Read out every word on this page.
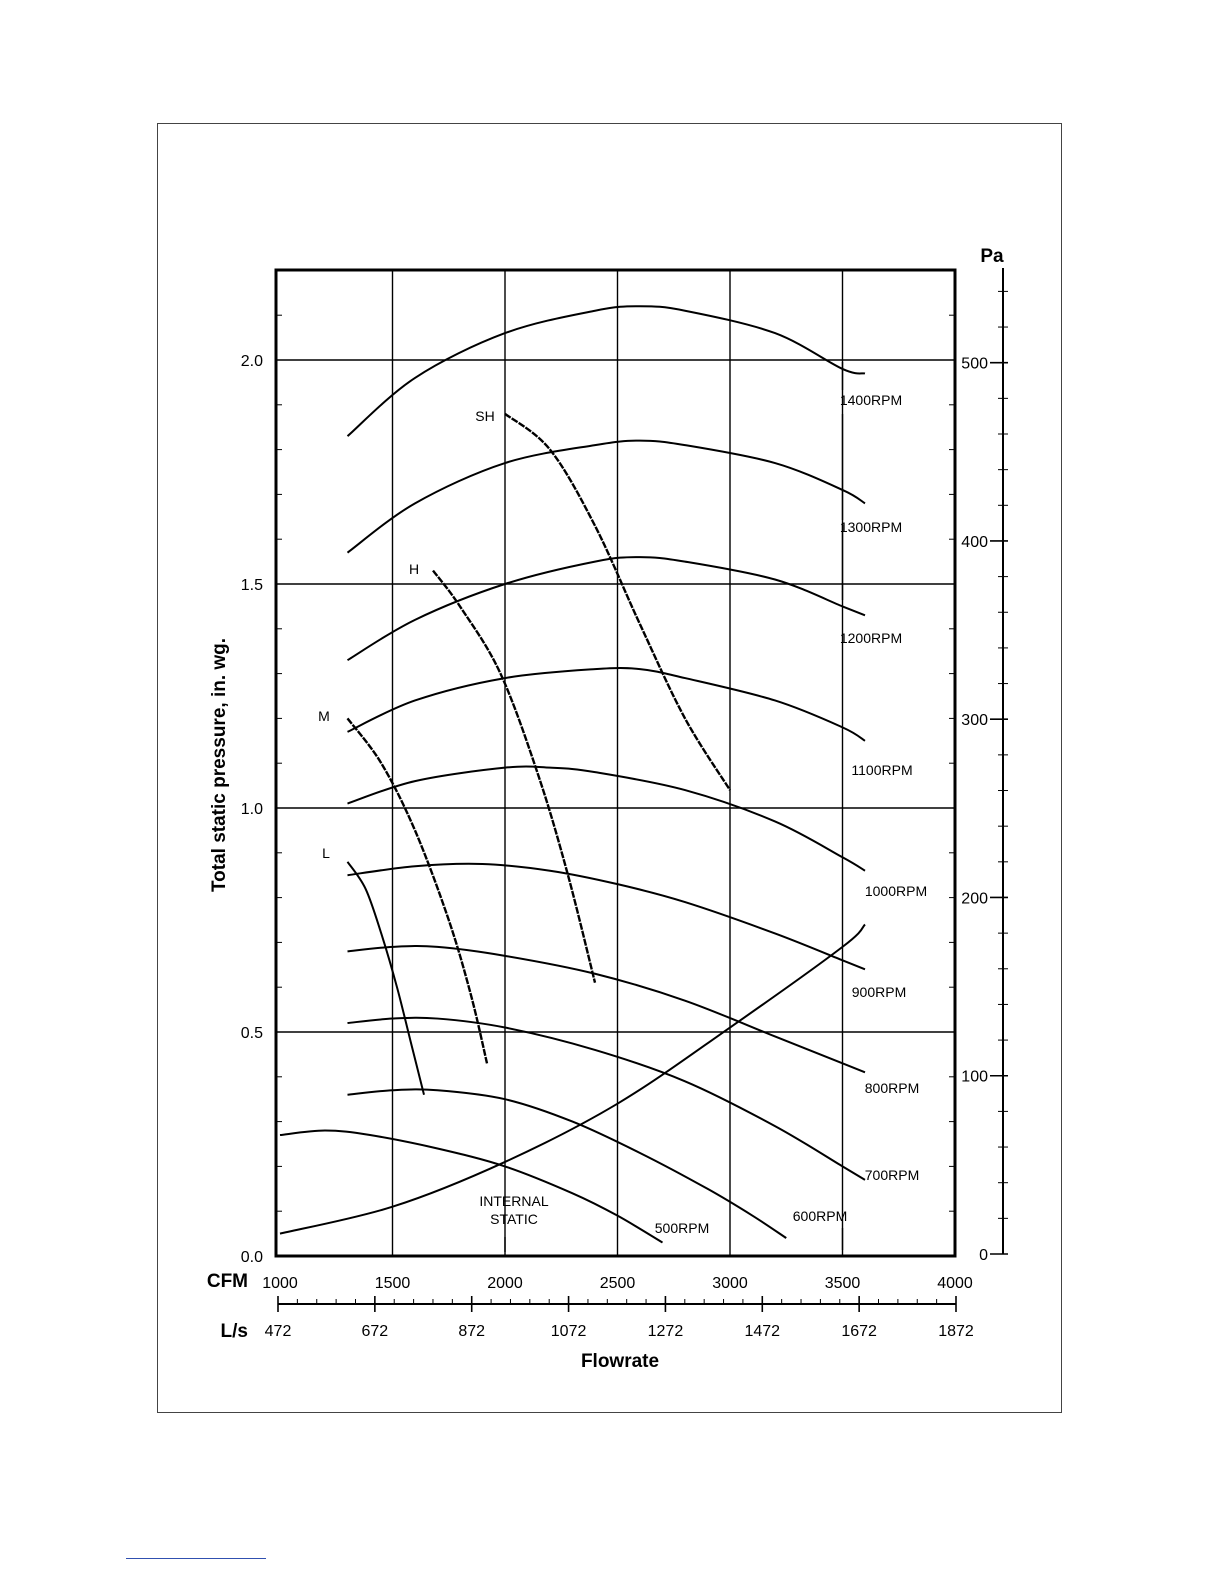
0.0
0.5
1.0
1.5
2.0
1000	1500	2000	2500	3000	3500	4000
0
100
200
300
400
500
472	672	872	1072	1272	1472	1672	1872
1400RPM
1300RPM
1200RPM
1100RPM
1000RPM
900RPM
800RPM
700RPM
600RPM
500RPM
SH
H
M
L
INTERNAL
STATIC
Total static pressure, in. wg.
Flowrate
Pa
CFM
L/s
